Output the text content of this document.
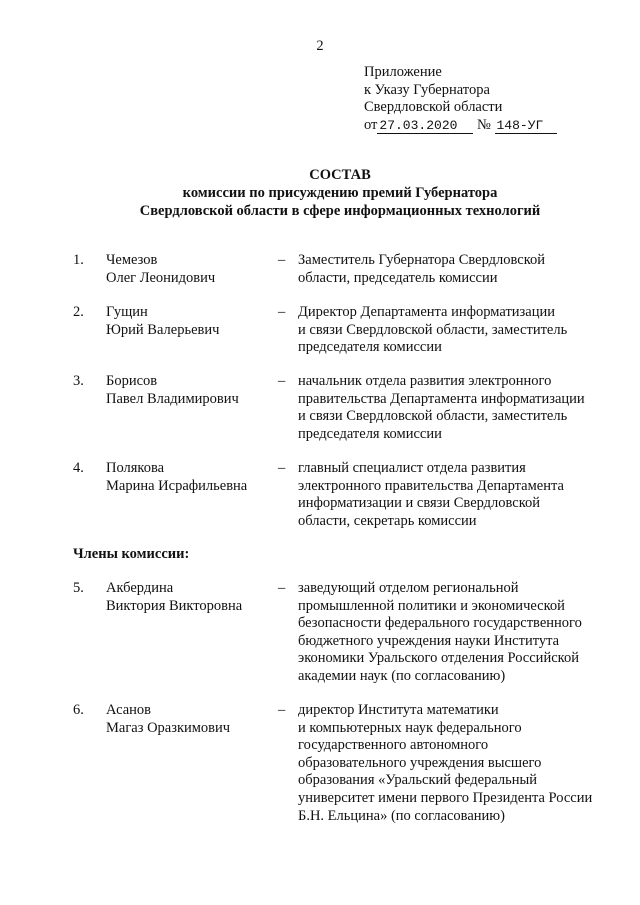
2
Приложение
к Указу Губернатора
Свердловской области
от 27.03.2020 № 148-УГ
СОСТАВ
комиссии по присуждению премий Губернатора
Свердловской области в сфере информационных технологий
1.	Чемезов
Олег Леонидович
– Заместитель Губернатора Свердловской
области, председатель комиссии
2.	Гущин
Юрий Валерьевич
– Директор Департамента информатизации
и связи Свердловской области, заместитель
председателя комиссии
3.	Борисов
Павел Владимирович
– начальник отдела развития электронного
правительства Департамента информатизации
и связи Свердловской области, заместитель
председателя комиссии
4.	Полякова
Марина Исрафильевна
– главный специалист отдела развития
электронного правительства Департамента
информатизации и связи Свердловской
области, секретарь комиссии
5.	Акбердина
Виктория Викторовна
– заведующий отделом региональной
промышленной политики и экономической
безопасности федерального государственного
бюджетного учреждения науки Института
экономики Уральского отделения Российской
академии наук (по согласованию)
6.	Асанов
Магаз Оразкимович
– директор Института математики
и компьютерных наук федерального
государственного автономного
образовательного учреждения высшего
образования «Уральский федеральный
университет имени первого Президента России
Б.Н. Ельцина» (по согласованию)
Члены комиссии:
